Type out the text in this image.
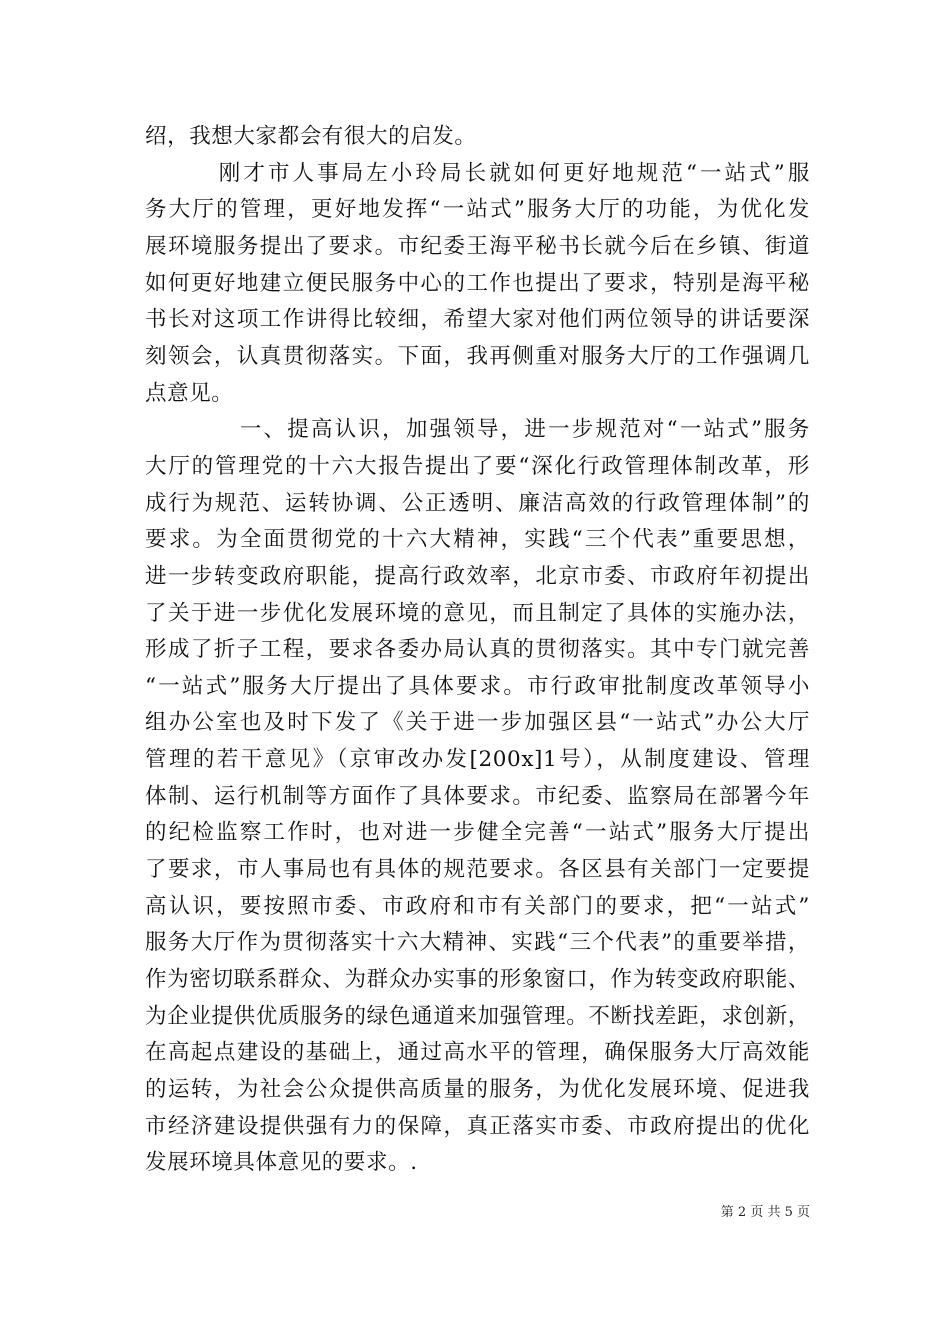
绍，我想大家都会有很大的启发。
　　　刚才市人事局左小玲局长就如何更好地规范“一站式”服
务大厅的管理，更好地发挥“一站式”服务大厅的功能，为优化发
展环境服务提出了要求。市纪委王海平秘书长就今后在乡镇、街道
如何更好地建立便民服务中心的工作也提出了要求，特别是海平秘
书长对这项工作讲得比较细，希望大家对他们两位领导的讲话要深
刻领会，认真贯彻落实。下面，我再侧重对服务大厅的工作强调几
点意见。
　　　　一、提高认识，加强领导，进一步规范对“一站式”服务
大厅的管理党的十六大报告提出了要“深化行政管理体制改革，形
成行为规范、运转协调、公正透明、廉洁高效的行政管理体制”的
要求。为全面贯彻党的十六大精神，实践“三个代表”重要思想，
进一步转变政府职能，提高行政效率，北京市委、市政府年初提出
了关于进一步优化发展环境的意见，而且制定了具体的实施办法，
形成了折子工程，要求各委办局认真的贯彻落实。其中专门就完善
“一站式”服务大厅提出了具体要求。市行政审批制度改革领导小
组办公室也及时下发了《关于进一步加强区县“一站式”办公大厅
管理的若干意见》（京审改办发[200x]1号），从制度建设、管理
体制、运行机制等方面作了具体要求。市纪委、监察局在部署今年
的纪检监察工作时，也对进一步健全完善“一站式”服务大厅提出
了要求，市人事局也有具体的规范要求。各区县有关部门一定要提
高认识，要按照市委、市政府和市有关部门的要求，把“一站式”
服务大厅作为贯彻落实十六大精神、实践“三个代表”的重要举措，
作为密切联系群众、为群众办实事的形象窗口，作为转变政府职能、
为企业提供优质服务的绿色通道来加强管理。不断找差距，求创新，
在高起点建设的基础上，通过高水平的管理，确保服务大厅高效能
的运转，为社会公众提供高质量的服务，为优化发展环境、促进我
市经济建设提供强有力的保障，真正落实市委、市政府提出的优化
发展环境具体意见的要求。.
第 2 页 共 5 页
